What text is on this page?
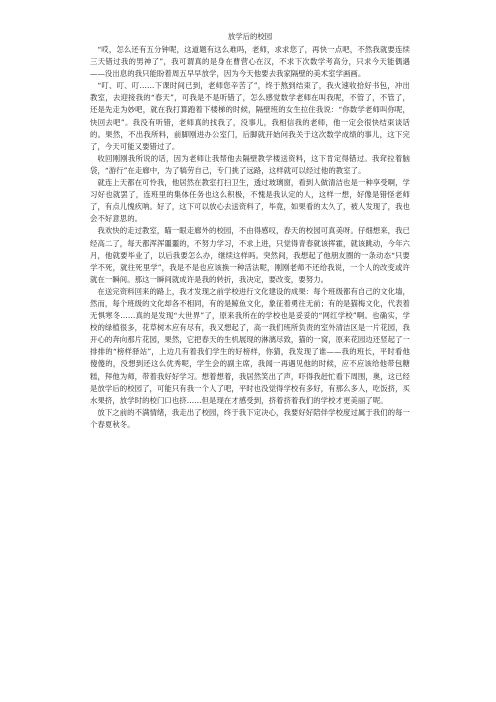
放学后的校园

“哎，怎么还有五分钟呢，这道题有这么难吗，老师，求求您了，再快一点吧，不然我就要连续三天错过我的男神了”，我可谓真的是身在曹营心在汉，不求下次数学考高分，只求今天能偶遇——没出息的我只能盼着周五早早放学，因为今天他要去我家隔壁的美术室学画画。

“叮、叮、叮……下课时间已到，老师您辛苦了”，终于熬到结束了，我火速收拾好书包，冲出教室，去迎接我的“春天”，可我是不是听错了，怎么感觉数学老师在叫我呢，不管了，不管了，还是先走为妙吧，就在我打算跑着下楼梯的时候，隔壁班的女生拉住我说：“你数学老师叫你呢，快回去吧”。我没有听错，老师真的找我了，没事儿，我相信我的老师，他一定会很快结束谈话的。果然，不出我所料，前脚刚进办公室门，后脚就开始问我关于这次数学成绩的事儿，这下完了，今天可能又要错过了。

收回刚刚我所说的话，因为老师让我帮他去隔壁教学楼送资料，这下肯定得错过。我耷拉着脑袋，“游行”在走廊中，为了犒劳自己，专门挑了远路，这样就可以经过他的教室了。

就连上天都在可怜我，他居然在教室打扫卫生，透过玻璃窗，看到人做清洁也是一种享受啊，学习好也就罢了，连班里的集体任务也这么积极，不愧是我认定的人，这样一想，好像是错怪老师了，有点儿愧疚呐。好了，这下可以放心去送资料了，毕竟，如果看的太久了，被人发现了，我也会不好意思的。

我欢快的走过教室，瞄一眼走廊外的校园，不由得感叹，春天的校园可真美呀。仔细想来，我已经高二了，每天都浑浑噩噩的，不努力学习，不求上进，只觉得青春就该挥霍，就该跳动，今年六月，他就要毕业了，以后我要怎么办，继续这样吗。突然间，我想起了他朋友圈的一条动态“只要学不死，就往死里学”，我是不是也应该换一种活法呢，刚刚老师不还给我说，一个人的改变或许就在一瞬间。那这一瞬间就成许是我的转折，我决定，要改变，要努力。

在送完资料回来的路上，我才发现之前学校进行文化建设的成果：每个班级都有自己的文化墙，然而，每个班级的文化却各不相同，有的是鲸鱼文化，象征着勇往无前；有的是猫梅文化，代表着无惧寒冬……真的是发现“大世界”了，原来我所在的学校也是妥妥的“网红学校”啊。也确实，学校的绿植很多，花草树木应有尽有，我又想起了，高一我们班所负责的室外清洁区是一片花园，我开心的奔向那片花园，果然，它把春天的生机展现的淋漓尽致，猫的一窝，原来花园边还竖起了一排排的“榜样驿站”，上边几有着我们学生的好榜样，你猜，我发现了谁——我的班长，平时看他傻傻的，没想到还这么优秀呢，学生会的副主席，我闻一再遇见他的时候，应不应该给他带包糖糕，拜他为师，带着我好好学习。想着想着，我居然笑出了声，吓得我赶忙看下周围，奥，这已经是放学后的校园了，可能只有我一个人了吧，平时也没觉得学校有多好，有那么多人，吃饭挤，买水果挤，放学时的校门口也挤……但是现在才感受到，挤着挤着我们的学校才更美丽了呢。

放下之前的不满情绪，我走出了校园，终于我下定决心，我要好好陪伴学校度过属于我们的每一个春夏秋冬。
